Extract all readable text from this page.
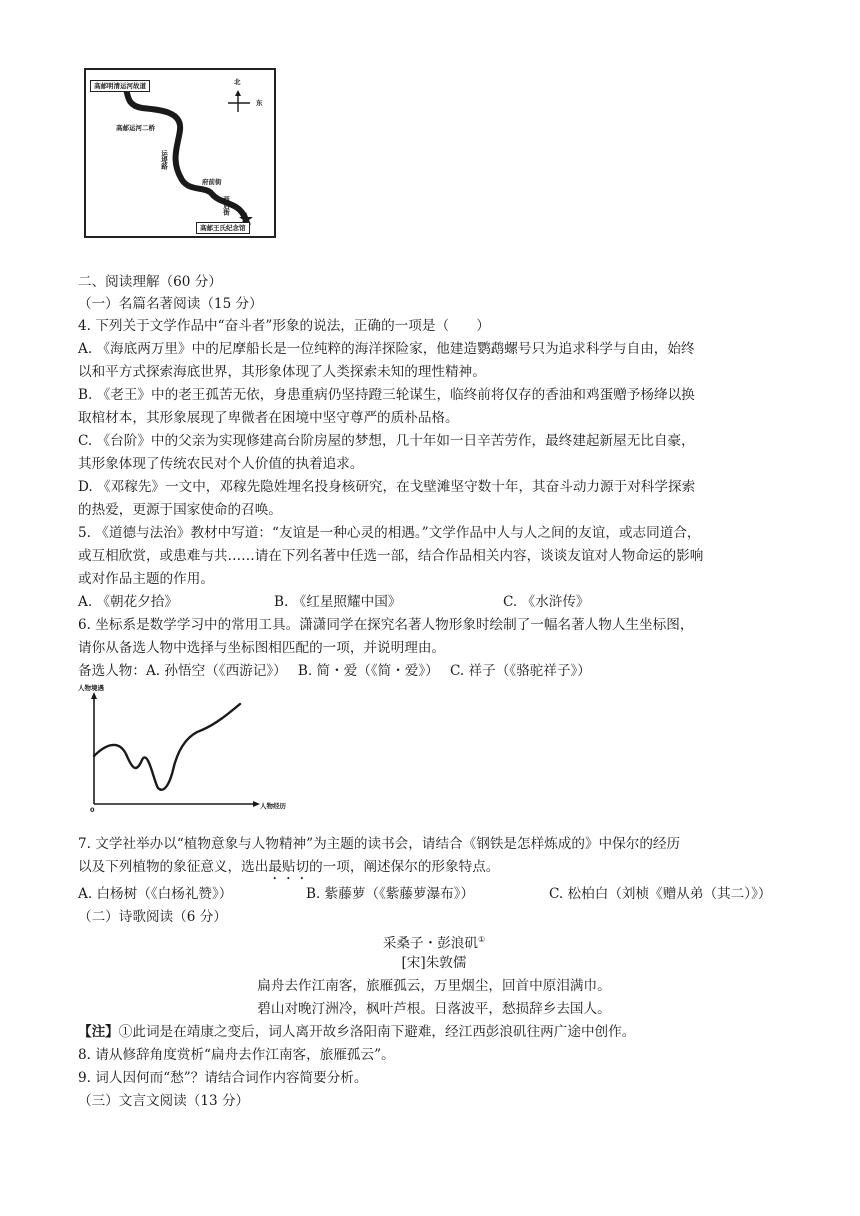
高邮明清运河故道	北
东
高邮运河二桥
运堤路
府前街
西后街
高邮王氏纪念馆
二、阅读理解（60 分）
（一）名篇名著阅读（15 分）
4. 下列关于文学作品中“奋斗者”形象的说法，正确的一项是（　　）
A. 《海底两万里》中的尼摩船长是一位纯粹的海洋探险家，他建造鹦鹉螺号只为追求科学与自由，始终
以和平方式探索海底世界，其形象体现了人类探索未知的理性精神。
B. 《老王》中的老王孤苦无依，身患重病仍坚持蹬三轮谋生，临终前将仅存的香油和鸡蛋赠予杨绛以换
取棺材本，其形象展现了卑微者在困境中坚守尊严的质朴品格。
C. 《台阶》中的父亲为实现修建高台阶房屋的梦想，几十年如一日辛苦劳作，最终建起新屋无比自豪，
其形象体现了传统农民对个人价值的执着追求。
D. 《邓稼先》一文中，邓稼先隐姓埋名投身核研究，在戈壁滩坚守数十年，其奋斗动力源于对科学探索
的热爱，更源于国家使命的召唤。
5. 《道德与法治》教材中写道：“友谊是一种心灵的相遇。”文学作品中人与人之间的友谊，或志同道合，
或互相欣赏，或患难与共……请在下列名著中任选一部，结合作品相关内容，谈谈友谊对人物命运的影响
或对作品主题的作用。
A. 《朝花夕拾》	B. 《红星照耀中国》	C. 《水浒传》
6. 坐标系是数学学习中的常用工具。潇潇同学在探究名著人物形象时绘制了一幅名著人物人生坐标图，
请你从备选人物中选择与坐标图相匹配的一项，并说明理由。
备选人物：A. 孙悟空（《西游记》）　 B. 简・爱（《简・爱》）　 C. 祥子（《骆驼祥子》）
人物境遇
人物经历
0
7. 文学社举办以“植物意象与人物精神”为主题的读书会，请结合《钢铁是怎样炼成的》中保尔的经历
以及下列植物的象征意义，选出最贴切的一项，阐述保尔的形象特点。
A. 白杨树（《白杨礼赞》）	B. 紫藤萝（《紫藤萝瀑布》）	C. 松柏白（刘桢《赠从弟（其二）》）
（二）诗歌阅读（6 分）
采桑子・彭浪矶①
[宋]朱敦儒
扁舟去作江南客，旅雁孤云，万里烟尘，回首中原泪满巾。
碧山对晚汀洲冷，枫叶芦根。日落波平，愁损辞乡去国人。
【注】①此词是在靖康之变后，词人离开故乡洛阳南下避难，经江西彭浪矶往两广途中创作。
8. 请从修辞角度赏析“扁舟去作江南客，旅雁孤云”。
9. 词人因何而“愁”？请结合词作内容简要分析。
（三）文言文阅读（13 分）
